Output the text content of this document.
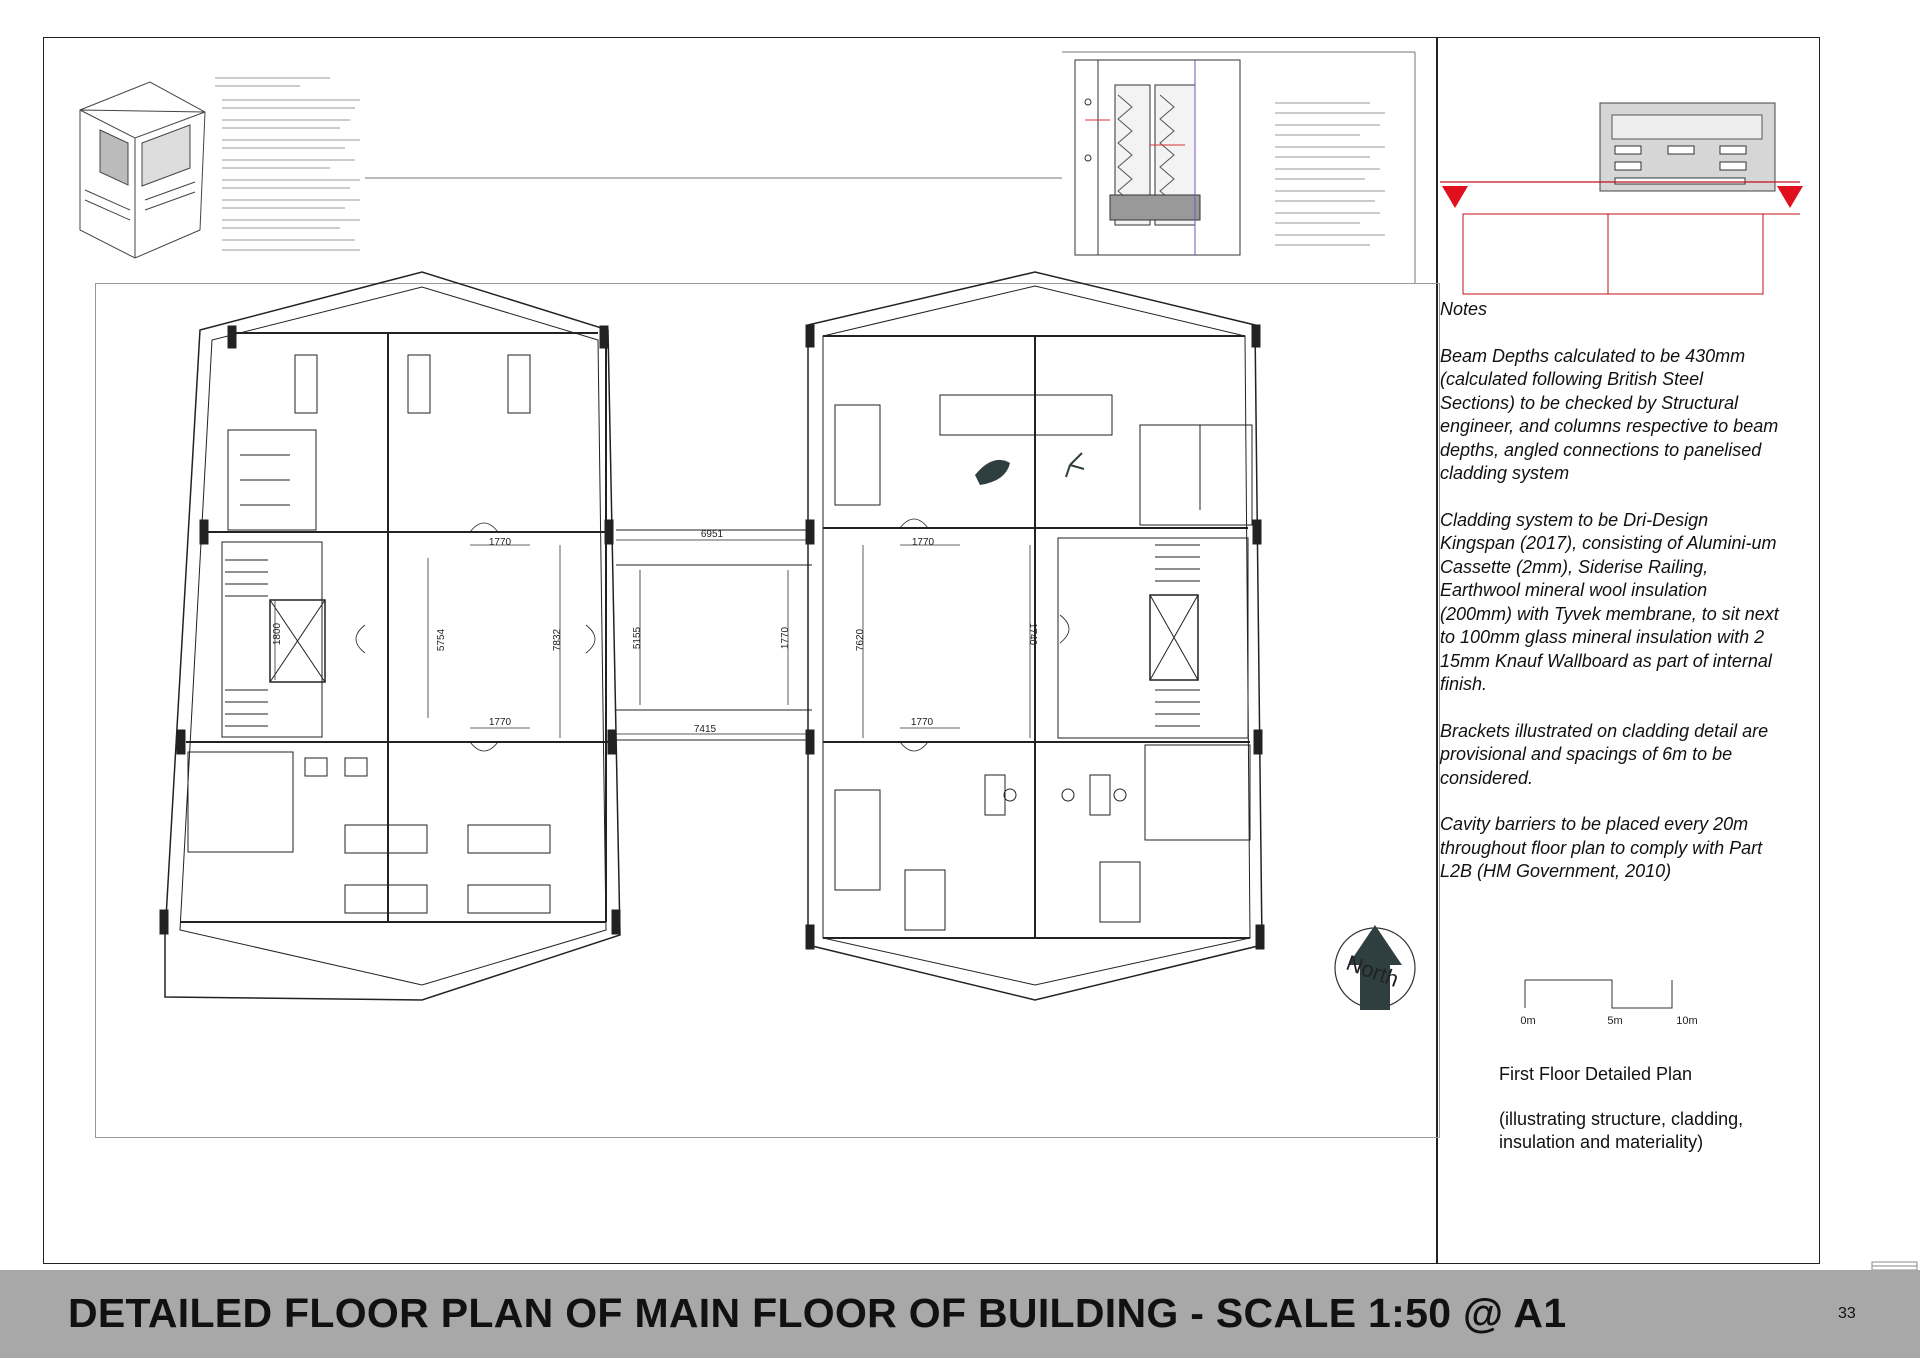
1770
1770
5754	7832
1800
6951
7415
5155	1770
1770
1770
7620	1740
North
0m	5m	10m

Notes

Beam Depths calculated to be 430mm (calculated following British Steel Sections) to be checked by Structural engineer, and columns respective to beam depths, angled connections to panelised cladding system

Cladding system to be Dri-Design Kingspan (2017), consisting of Alumini-um Cassette (2mm), Siderise Railing, Earthwool mineral wool insulation (200mm) with Tyvek membrane, to sit next to 100mm glass mineral insulation with 2 15mm Knauf Wallboard as part of internal finish.

Brackets illustrated on cladding detail are provisional and spacings of 6m to be considered.

Cavity barriers to be placed every 20m throughout floor plan to comply with Part L2B (HM Government, 2010)

First Floor Detailed Plan
(illustrating structure, cladding, insulation and materiality)
DETAILED FLOOR PLAN OF MAIN FLOOR OF BUILDING - SCALE 1:50 @ A1	33
